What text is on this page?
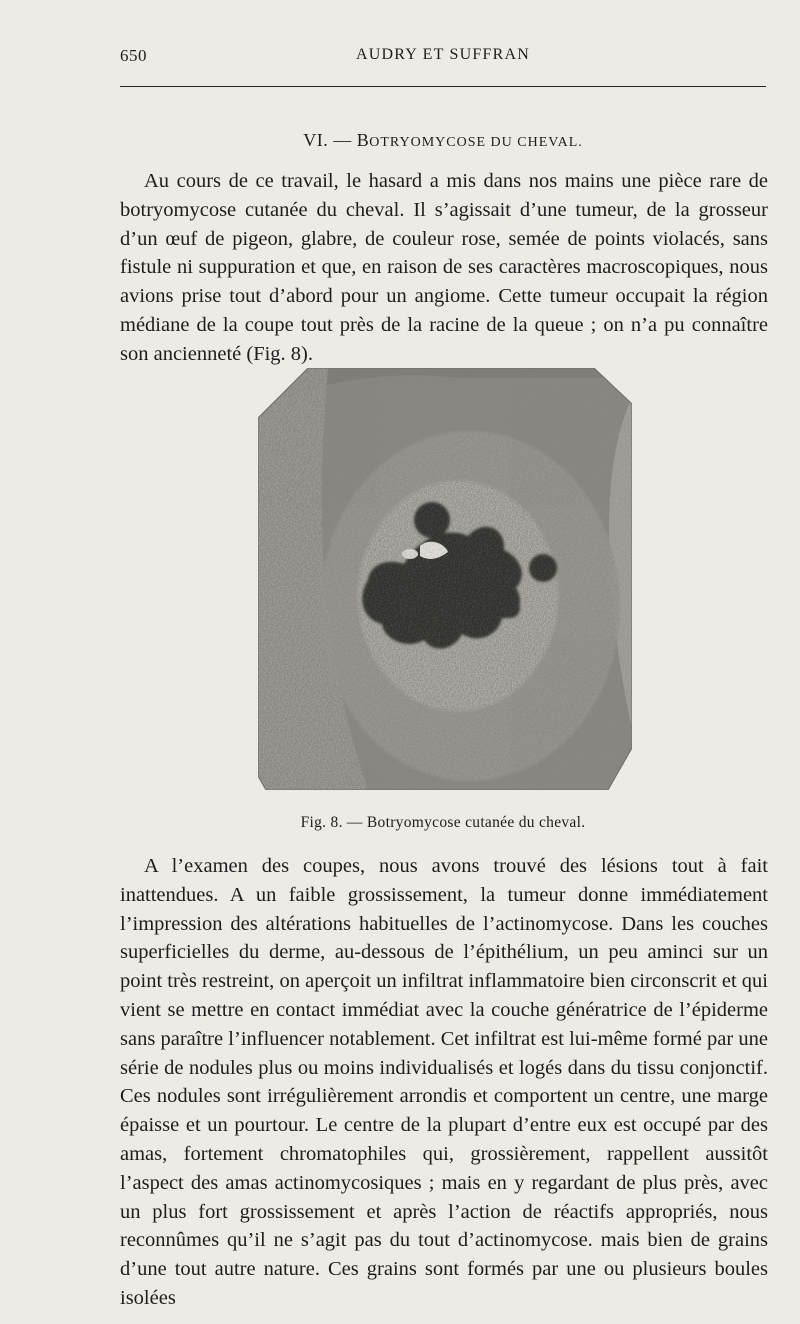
650	AUDRY ET SUFFRAN
VI. — BOTRYOMYCOSE DU CHEVAL.

Au cours de ce travail, le hasard a mis dans nos mains une pièce rare de botryomycose cutanée du cheval. Il s’agissait d’une tumeur, de la grosseur d’un œuf de pigeon, glabre, de couleur rose, semée de points violacés, sans fistule ni suppuration et que, en raison de ses caractères macroscopiques, nous avions prise tout d’abord pour un angiome. Cette tumeur occupait la région médiane de la coupe tout près de la racine de la queue ; on n’a pu connaître son ancienneté (Fig. 8).

Fig. 8. — Botryomycose cutanée du cheval.

A l’examen des coupes, nous avons trouvé des lésions tout à fait inattendues. A un faible grossissement, la tumeur donne immédiatement l’impression des altérations habituelles de l’actinomycose. Dans les couches superficielles du derme, au-dessous de l’épithélium, un peu aminci sur un point très restreint, on aperçoit un infiltrat inflammatoire bien circonscrit et qui vient se mettre en contact immédiat avec la couche génératrice de l’épiderme sans paraître l’influencer notablement. Cet infiltrat est lui-même formé par une série de nodules plus ou moins individualisés et logés dans du tissu conjonctif. Ces nodules sont irrégulièrement arrondis et comportent un centre, une marge épaisse et un pourtour. Le centre de la plupart d’entre eux est occupé par des amas, fortement chromatophiles qui, grossièrement, rappellent aussitôt l’aspect des amas actinomycosiques ; mais en y regardant de plus près, avec un plus fort grossissement et après l’action de réactifs appropriés, nous reconnûmes qu’il ne s’agit pas du tout d’actinomycose. mais bien de grains d’une tout autre nature. Ces grains sont formés par une ou plusieurs boules isolées
